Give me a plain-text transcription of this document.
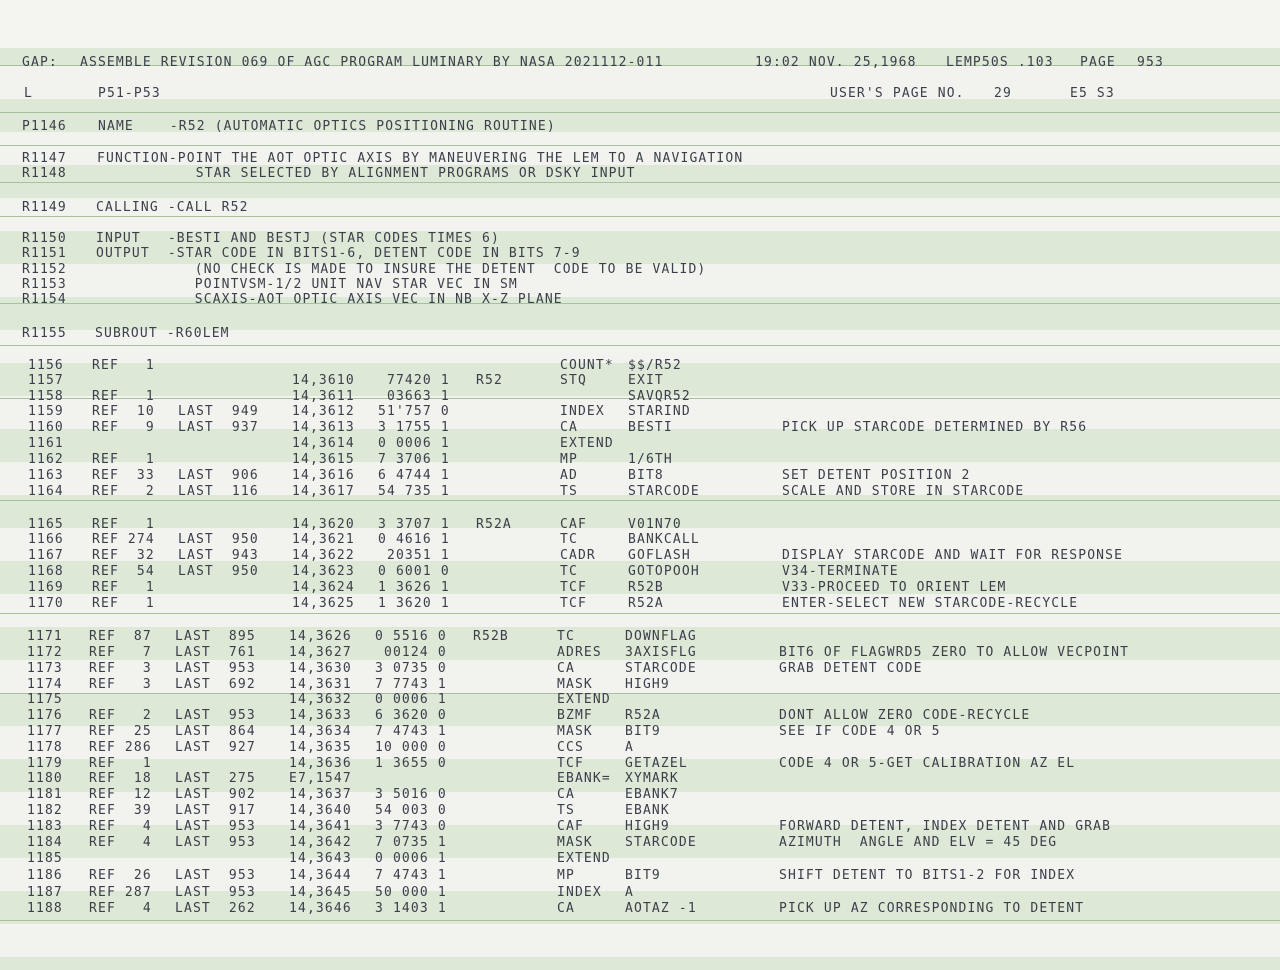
GAP:

ASSEMBLE REVISION 069 OF AGC PROGRAM LUMINARY BY NASA 2021112-011

	19:02 NOV. 25,1968

LEMP50S .103

PAGE

953

L

	P51-P53

	USER'S PAGE NO.

29

	E5 S3

P1146

NAME    -R52 (AUTOMATIC OPTICS POSITIONING ROUTINE)

R1147

FUNCTION-POINT THE AOT OPTIC AXIS BY MANEUVERING THE LEM TO A NAVIGATION

R1148

STAR SELECTED BY ALIGNMENT PROGRAMS OR DSKY INPUT

R1149

CALLING -CALL R52

R1150

INPUT   -BESTI AND BESTJ (STAR CODES TIMES 6)

R1151

OUTPUT  -STAR CODE IN BITS1-6, DETENT CODE IN BITS 7-9

R1152

(NO CHECK IS MADE TO INSURE THE DETENT  CODE TO BE VALID)

R1153

POINTVSM-1/2 UNIT NAV STAR VEC IN SM

R1154

SCAXIS-AOT OPTIC AXIS VEC IN NB X-Z PLANE

R1155

SUBROUT -R60LEM

1156 REF   1	COUNT* $$/R52
1157	14,3610 77420 1 R52	STQ	EXIT
1158 REF   1	14,3611 03663 1	SAVQR52
1159 REF  10 LAST  949	14,3612 51'757 0	INDEX STARIND
1160 REF   9 LAST  937	14,3613 3 1755 1	CA	BESTI	PICK UP STARCODE DETERMINED BY R56
1161	14,3614 0 0006 1	EXTEND
1162 REF   1	14,3615 7 3706 1	MP	1/6TH
1163 REF  33 LAST  906	14,3616 6 4744 1	AD	BIT8	SET DETENT POSITION 2
1164 REF   2 LAST  116	14,3617 54 735 1	TS	STARCODE	SCALE AND STORE IN STARCODE
1165 REF   1	14,3620 3 3707 1 R52A	CAF	V01N70
1166 REF 274 LAST  950	14,3621 0 4616 1	TC	BANKCALL
1167 REF  32 LAST  943	14,3622 20351 1	CADR GOFLASH	DISPLAY STARCODE AND WAIT FOR RESPONSE
1168 REF  54 LAST  950	14,3623 0 6001 0	TC	GOTOPOOH	V34-TERMINATE
1169 REF   1	14,3624 1 3626 1	TCF	R52B	V33-PROCEED TO ORIENT LEM
1170 REF   1	14,3625 1 3620 1	TCF	R52A	ENTER-SELECT NEW STARCODE-RECYCLE
1171 REF  87 LAST  895	14,3626 0 5516 0 R52B	TC	DOWNFLAG
1172 REF   7 LAST  761	14,3627 00124 0	ADRES 3AXISFLG	BIT6 OF FLAGWRD5 ZERO TO ALLOW VECPOINT
1173 REF   3 LAST  953	14,3630 3 0735 0	CA	STARCODE	GRAB DETENT CODE
1174 REF   3 LAST  692	14,3631 7 7743 1	MASK HIGH9
1175	14,3632 0 0006 1	EXTEND
1176 REF   2 LAST  953	14,3633 6 3620 0	BZMF R52A	DONT ALLOW ZERO CODE-RECYCLE
1177 REF  25 LAST  864	14,3634 7 4743 1	MASK BIT9	SEE IF CODE 4 OR 5
1178 REF 286 LAST  927	14,3635 10 000 0	CCS	A
1179 REF   1	14,3636 1 3655 0	TCF	GETAZEL	CODE 4 OR 5-GET CALIBRATION AZ EL
1180 REF  18 LAST  275	E7,1547	EBANK= XYMARK
1181 REF  12 LAST  902	14,3637 3 5016 0	CA	EBANK7
1182 REF  39 LAST  917	14,3640 54 003 0	TS	EBANK
1183 REF   4 LAST  953	14,3641 3 7743 0	CAF	HIGH9	FORWARD DETENT, INDEX DETENT AND GRAB
1184 REF   4 LAST  953	14,3642 7 0735 1	MASK STARCODE	AZIMUTH  ANGLE AND ELV = 45 DEG
1185	14,3643 0 0006 1	EXTEND
1186 REF  26 LAST  953	14,3644 7 4743 1	MP	BIT9	SHIFT DETENT TO BITS1-2 FOR INDEX
1187 REF 287 LAST  953	14,3645 50 000 1	INDEX A
1188 REF   4 LAST  262	14,3646 3 1403 1	CA	AOTAZ -1	PICK UP AZ CORRESPONDING TO DETENT
